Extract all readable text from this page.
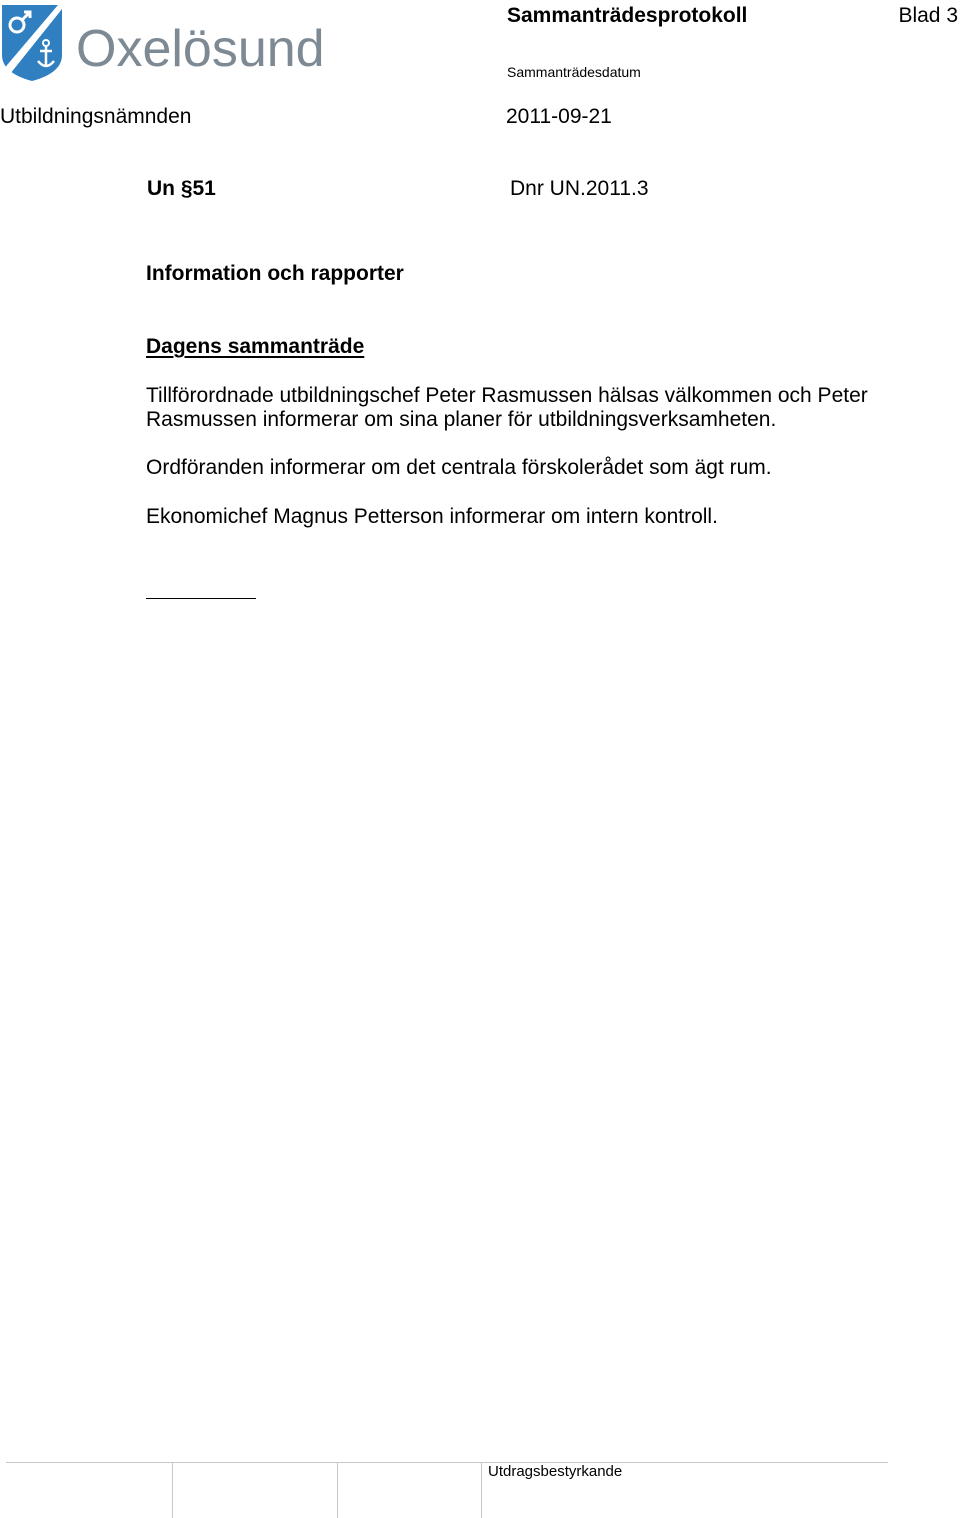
Oxelösund
Sammanträdesprotokoll	Blad 3
Sammanträdesdatum
Utbildningsnämnden	2011-09-21
Un §51	Dnr UN.2011.3
Information och rapporter
Dagens sammanträde
Tillförordnade utbildningschef Peter Rasmussen hälsas välkommen och Peter Rasmussen informerar om sina planer för utbildningsverksamheten.
Ordföranden informerar om det centrala förskolerådet som ägt rum.
Ekonomichef Magnus Petterson informerar om intern kontroll.
Utdragsbestyrkande
